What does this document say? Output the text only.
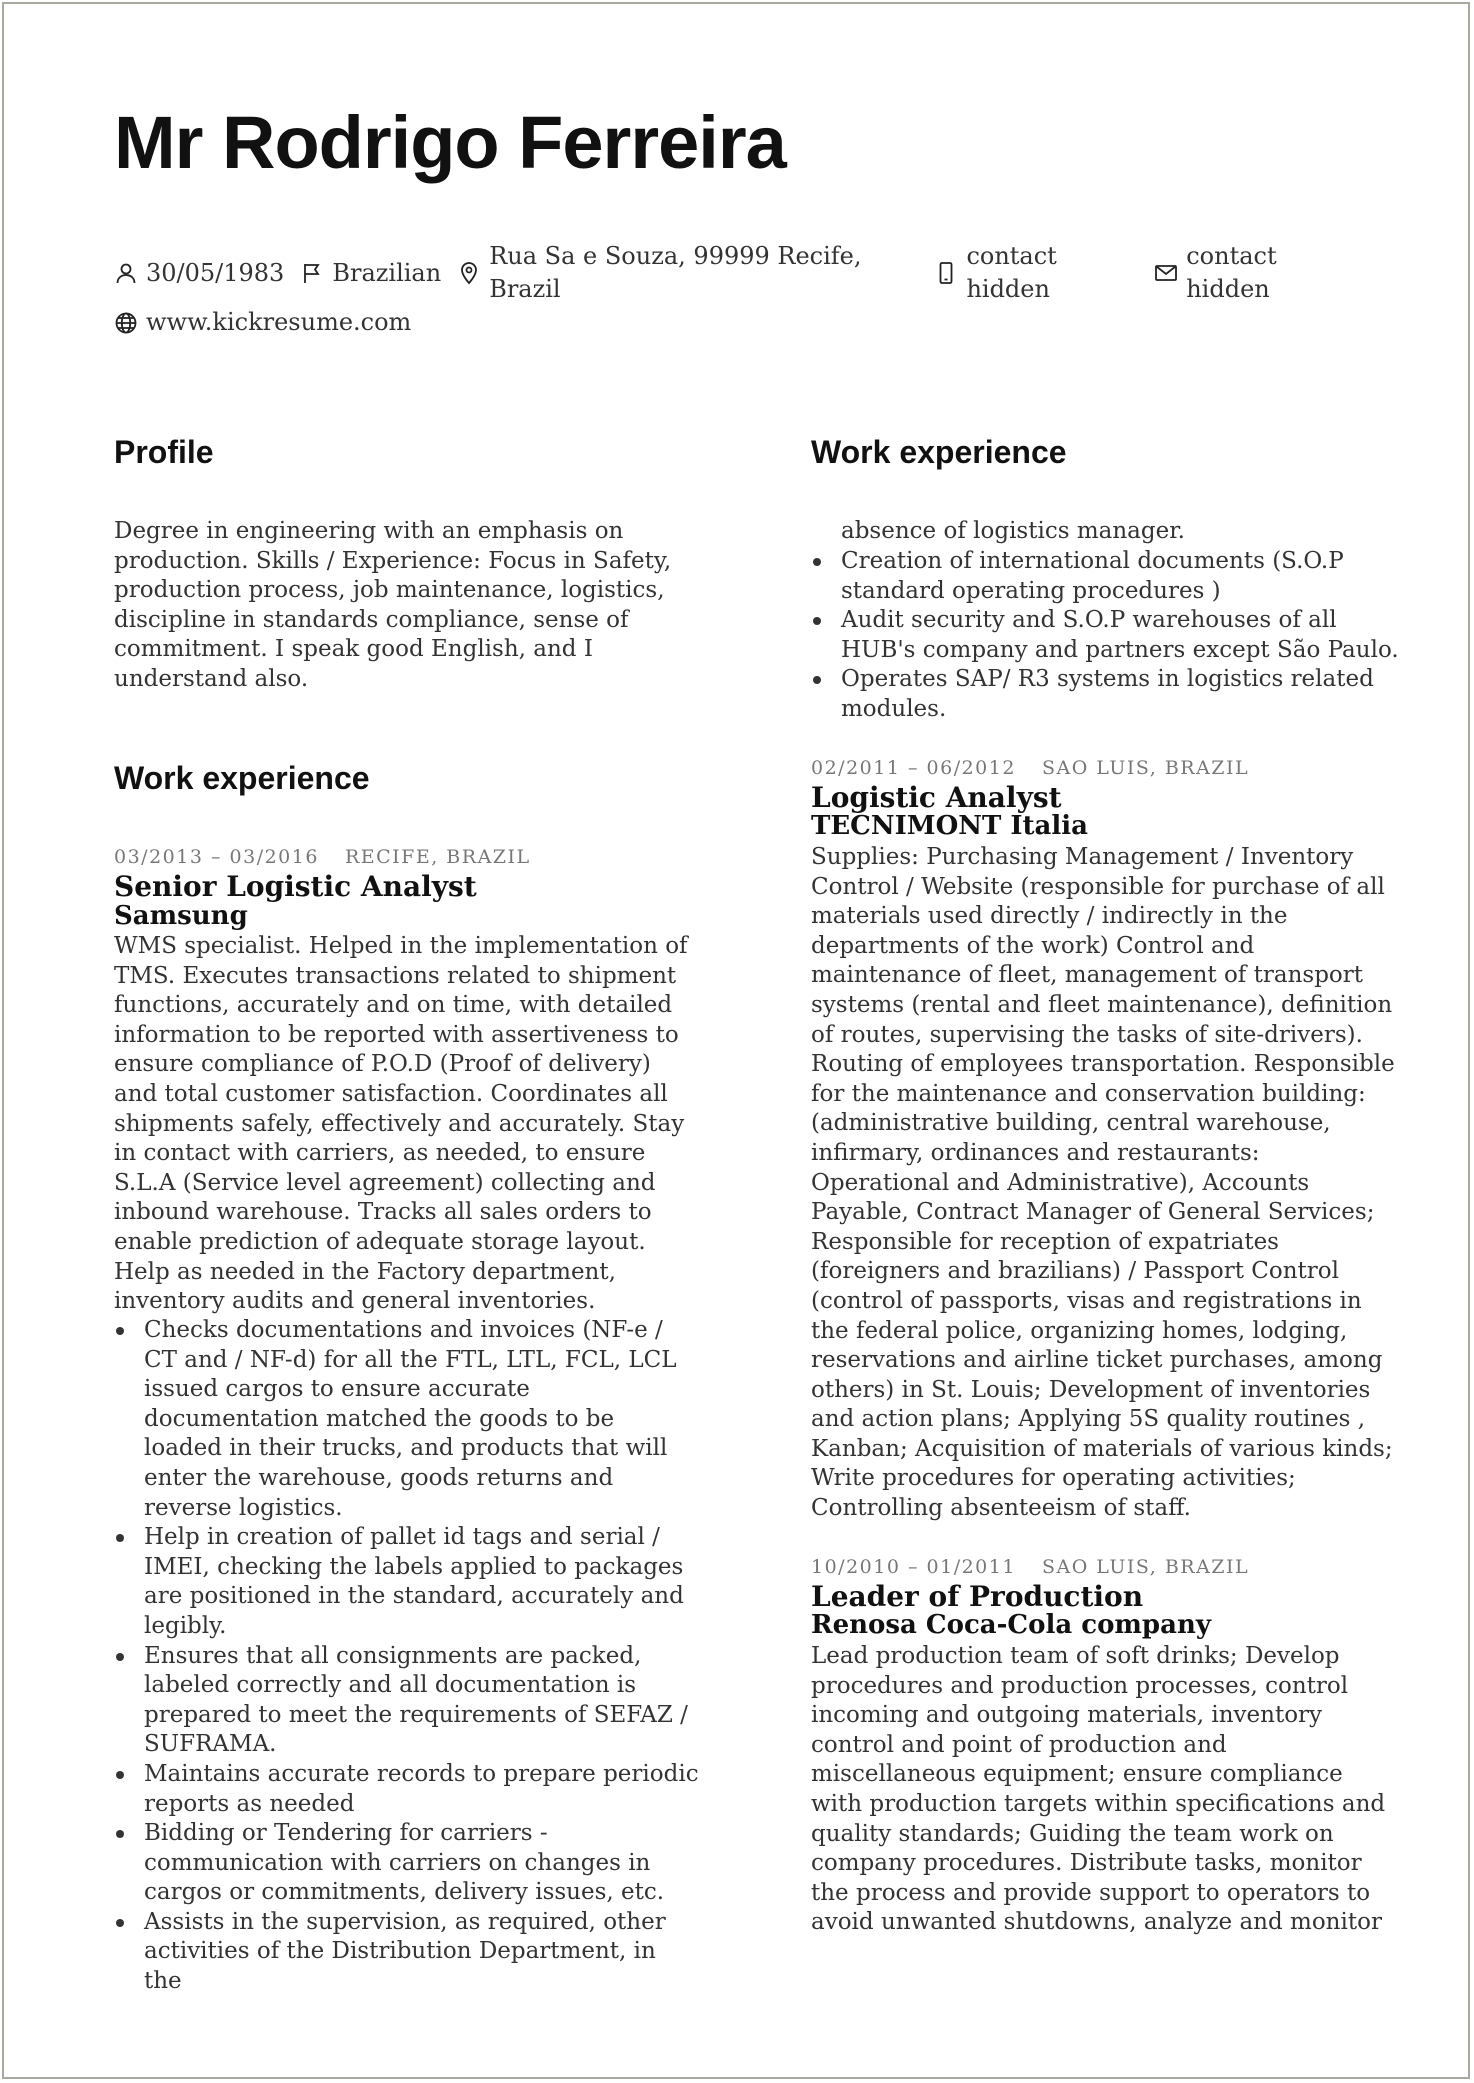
Mr Rodrigo Ferreira
30/05/1983 Brazilian
Rua Sa e Souza, 99999 Recife, Brazil
contact hidden
contact hidden
www.kickresume.com
Profile

Degree in engineering with an emphasis on production. Skills / Experience: Focus in Safety, production process, job maintenance, logistics, discipline in standards compliance, sense of commitment. I speak good English, and I understand also.

Work experience
03/2013 – 03/2016 RECIFE, BRAZIL
Senior Logistic Analyst
Samsung

WMS specialist. Helped in the implementation of TMS. Executes transactions related to shipment functions, accurately and on time, with detailed information to be reported with assertiveness to ensure compliance of P.O.D (Proof of delivery) and total customer satisfaction. Coordinates all shipments safely, effectively and accurately. Stay in contact with carriers, as needed, to ensure S.L.A (Service level agreement) collecting and inbound warehouse. Tracks all sales orders to enable prediction of adequate storage layout. Help as needed in the Factory department, inventory audits and general inventories.

Checks documentations and invoices (NF-e / CT and / NF-d) for all the FTL, LTL, FCL, LCL issued cargos to ensure accurate documentation matched the goods to be loaded in their trucks, and products that will enter the warehouse, goods returns and reverse logistics.
Help in creation of pallet id tags and serial / IMEI, checking the labels applied to packages are positioned in the standard, accurately and legibly.
Ensures that all consignments are packed, labeled correctly and all documentation is prepared to meet the requirements of SEFAZ / SUFRAMA.
Maintains accurate records to prepare periodic reports as needed
Bidding or Tendering for carriers - communication with carriers on changes in cargos or commitments, delivery issues, etc.
Assists in the supervision, as required, other activities of the Distribution Department, in the
Work experience

absence of logistics manager.

Creation of international documents (S.O.P standard operating procedures )
Audit security and S.O.P warehouses of all HUB's company and partners except São Paulo.
Operates SAP/ R3 systems in logistics related modules.
02/2011 – 06/2012 SAO LUIS, BRAZIL
Logistic Analyst
TECNIMONT Italia

Supplies: Purchasing Management / Inventory Control / Website (responsible for purchase of all materials used directly / indirectly in the departments of the work) Control and maintenance of fleet, management of transport systems (rental and fleet maintenance), definition of routes, supervising the tasks of site-drivers). Routing of employees transportation. Responsible for the maintenance and conservation building: (administrative building, central warehouse, infirmary, ordinances and restaurants: Operational and Administrative), Accounts Payable, Contract Manager of General Services; Responsible for reception of expatriates (foreigners and brazilians) / Passport Control (control of passports, visas and registrations in the federal police, organizing homes, lodging, reservations and airline ticket purchases, among others) in St. Louis; Development of inventories and action plans; Applying 5S quality routines , Kanban; Acquisition of materials of various kinds; Write procedures for operating activities; Controlling absenteeism of staff.

10/2010 – 01/2011 SAO LUIS, BRAZIL
Leader of Production
Renosa Coca-Cola company

Lead production team of soft drinks; Develop procedures and production processes, control incoming and outgoing materials, inventory control and point of production and miscellaneous equipment; ensure compliance with production targets within specifications and quality standards; Guiding the team work on company procedures. Distribute tasks, monitor the process and provide support to operators to avoid unwanted shutdowns, analyze and monitor
